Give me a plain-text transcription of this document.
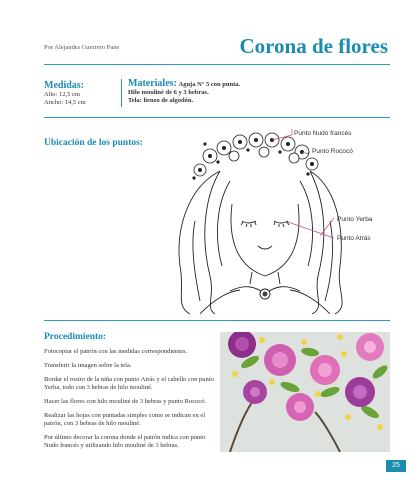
Por Alejandra Guerrero Pane	Corona de flores
Medidas:
Alto: 12,5 cm
Ancho: 14,5 cm
Materiales: Aguja N° 5 con punta.
Hilo mouliné de 6 y 3 hebras.
Tela: lienzo de algodón.
Ubicación de los puntos:
Punto Nudo francés
Punto Rococó
Punto Yerba
Punto Atrás
Procedimiento:

Fotocopiar el patrón con las medidas correspondientes.

Transferir la imagen sobre la tela.

Bordar el rostro de la niña con punto Atrás y el cabello con punto Yerba, todo con 3 hebras de hilo mouliné.

Hacer las flores con hilo mouliné de 3 hebras y punto Rococó.

Realizar las hojas con puntadas simples como se indican en el patrón, con 3 hebras de hilo mouliné.

Por último decorar la corona donde el patrón indica con punto Nudo francés y utilizando hilo mouliné de 3 hebras.

25
